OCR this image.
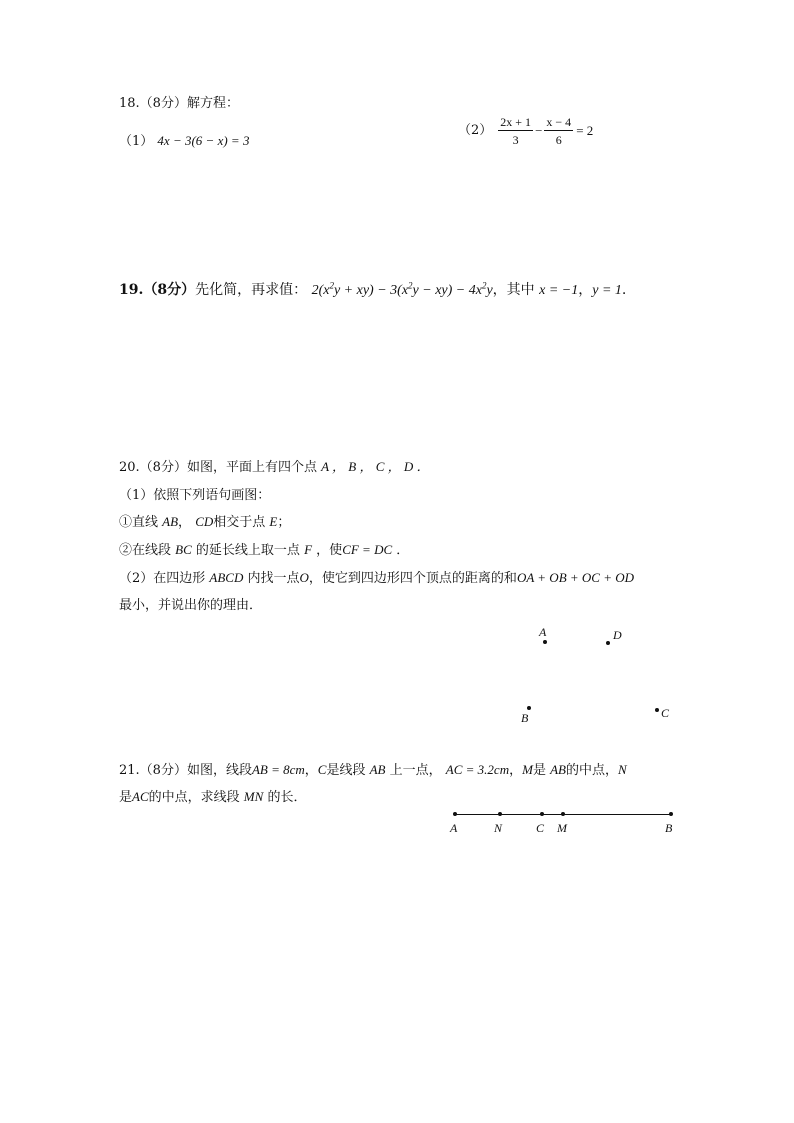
18.（8分）解方程：
（1） 4x − 3(6 − x) = 3
$(2) \frac{2x + 1}{3} - \frac{x - 4}{6} = 2$
19.（8分）先化简，再求值： $2(x^2y + xy) - 3(x^2y - xy) - 4x^2y$，其中 x = −1，y = 1.
20.（8分）如图，平面上有四个点 A ， B ， C ， D ．
（1）依照下列语句画图：
①直线 AB， CD相交于点 E；
②在线段 BC 的延长线上取一点 F ，使CF = DC ．
（2）在四边形 ABCD 内找一点O，使它到四边形四个顶点的距离的和OA + OB + OC + OD
最小，并说出你的理由．
A	D
B	C
21.（8分）如图，线段AB = 8cm，C是线段 AB 上一点， AC = 3.2cm，M是 AB的中点，N
是AC的中点，求线段 MN 的长．
A	N	C M	B
